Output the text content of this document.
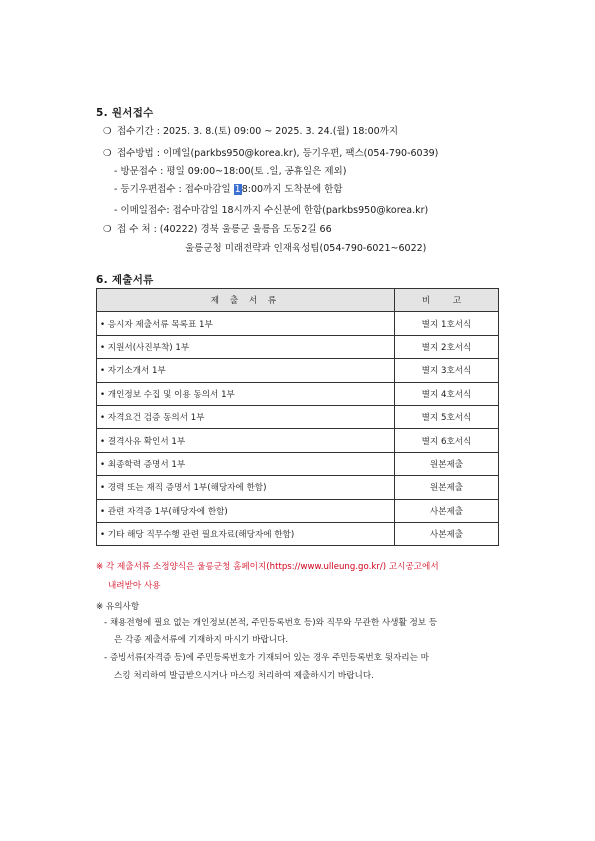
5. 원서접수
❍ 접수기간 : 2025. 3. 8.(토) 09:00 ~ 2025. 3. 24.(월) 18:00까지
❍ 접수방법 : 이메일(parkbs950@korea.kr), 등기우편, 팩스(054-790-6039)
- 방문접수 : 평일 09:00~18:00(토 .일, 공휴일은 제외)
- 등기우편접수 : 접수마감일 18:00까지 도착분에 한함
- 이메일접수: 접수마감일 18시까지 수신분에 한함(parkbs950@korea.kr)
❍ 접 수 처 : (40222) 경북 울릉군 울릉읍 도동2길 66
울릉군청 미래전략과 인재육성팀(054-790-6021~6022)
6. 제출서류
제 출 서 류	비 고
• 응시자 제출서류 목록표 1부	별지 1호서식
• 지원서(사진부착) 1부	별지 2호서식
• 자기소개서 1부	별지 3호서식
• 개인정보 수집 및 이용 동의서 1부	별지 4호서식
• 자격요건 검증 동의서 1부	별지 5호서식
• 결격사유 확인서 1부	별지 6호서식
• 최종학력 증명서 1부	원본제출
• 경력 또는 재직 증명서 1부(해당자에 한함)	원본제출
• 관련 자격증 1부(해당자에 한함)	사본제출
• 기타 해당 직무수행 관련 필요자료(해당자에 한함)	사본제출
※ 각 제출서류 소정양식은 울릉군청 홈페이지(https://www.ulleung.go.kr/) 고시공고에서
내려받아 사용
※ 유의사항
- 채용전형에 필요 없는 개인정보(본적, 주민등록번호 등)와 직무와 무관한 사생활 정보 등
은 각종 제출서류에 기재하지 마시기 바랍니다.
- 증빙서류(자격증 등)에 주민등록번호가 기재되어 있는 경우 주민등록번호 뒷자리는 마
스킹 처리하여 발급받으시거나 마스킹 처리하여 제출하시기 바랍니다.
